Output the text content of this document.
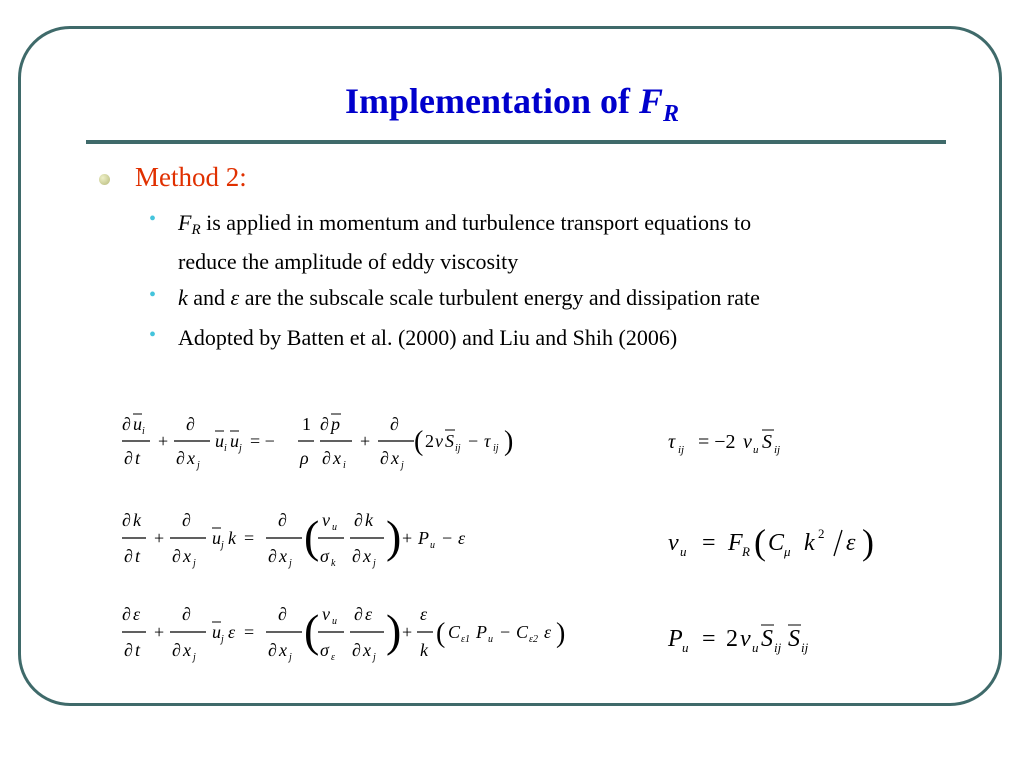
Implementation of $F_R$
Method 2:
• $F_R$ is applied in momentum and turbulence transport equations to
reduce the amplitude of eddy viscosity
• k and ε are the subscale scale turbulent energy and dissipation rate
• Adopted by Batten et al. (2000) and Liu and Shih (2006)
∂ u i
∂ t
+
∂
∂ x j
u i u j = −
1
ρ
∂ p
∂ x i
+
∂
∂ x j
( 2 ν S ij − τ ij )
∂ k
∂ t
+
∂
∂ x j
u j k =
∂
∂ x j
( ν u
σ k
∂ k
∂ x j
) + P u − ε
∂ ε
∂ t
+
∂
∂ x j
u j ε =
∂
∂ x j
( ν u
σ ε
∂ ε
∂ x j
) +
ε
k
( C ε1 P u − C ε2 ε )
τ ij = −2 ν u S ij
ν u = F R ( C μ k 2 ε )
P u = 2 ν u S ij S ij
